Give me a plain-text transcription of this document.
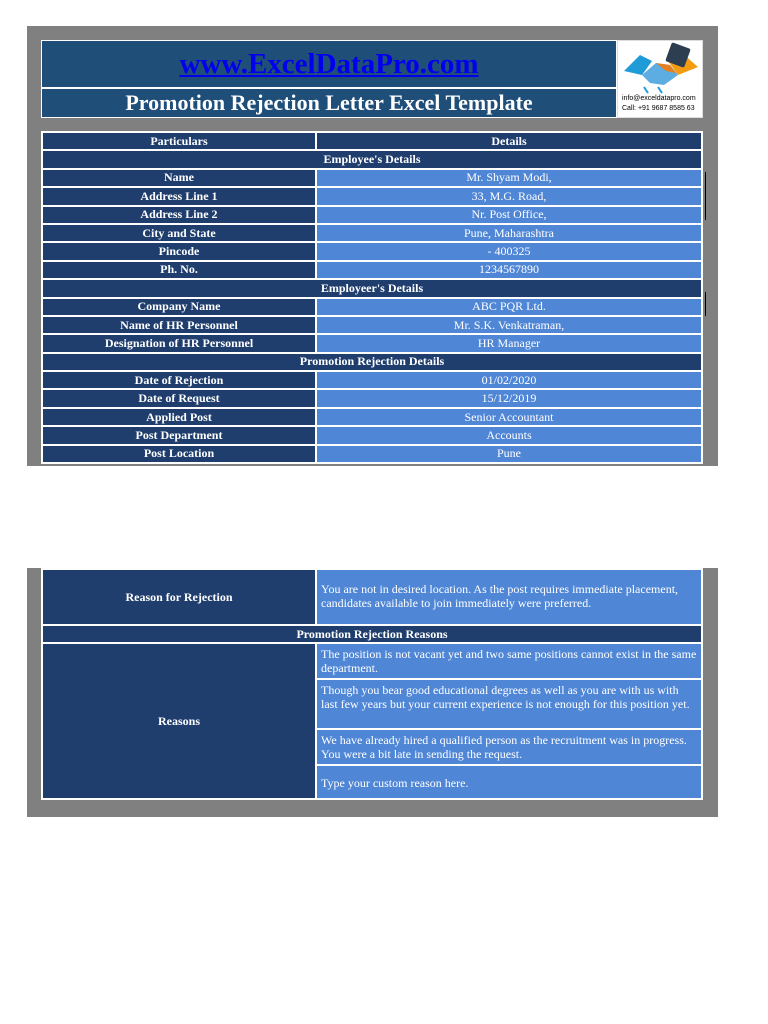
www.ExcelDataPro.com
Promotion Rejection Letter Excel Template	info@exceldatapro.com
Call: +91 9687 8585 63
Particulars	Details
Employee's Details	
Name	Mr. Shyam Modi,
Address Line 1	33, M.G. Road,
Address Line 2	Nr. Post Office,
City and State	Pune, Maharashtra
Pincode	- 400325
Ph. No.	1234567890
Employeer's Details	
Company Name	ABC PQR Ltd.
Name of HR Personnel	Mr. S.K. Venkatraman,
Designation of HR Personnel	HR Manager
Promotion Rejection Details	
Date of Rejection	01/02/2020
Date of Request	15/12/2019
Applied Post	Senior Accountant
Post Department	Accounts
Post Location	Pune
Reason for Rejection	You are not in desired location. As the post requires immediate placement, candidates available to join immediately were preferred.
Promotion Rejection Reasons	
Reasons	The position is not vacant yet and two same positions cannot exist in the same department.
	Though you bear good educational degrees as well as you are with us with last few years but your current experience is not enough for this position yet.
	We have already hired a qualified person as the recruitment was in progress. You were a bit late in sending the request.
	Type your custom reason here.
